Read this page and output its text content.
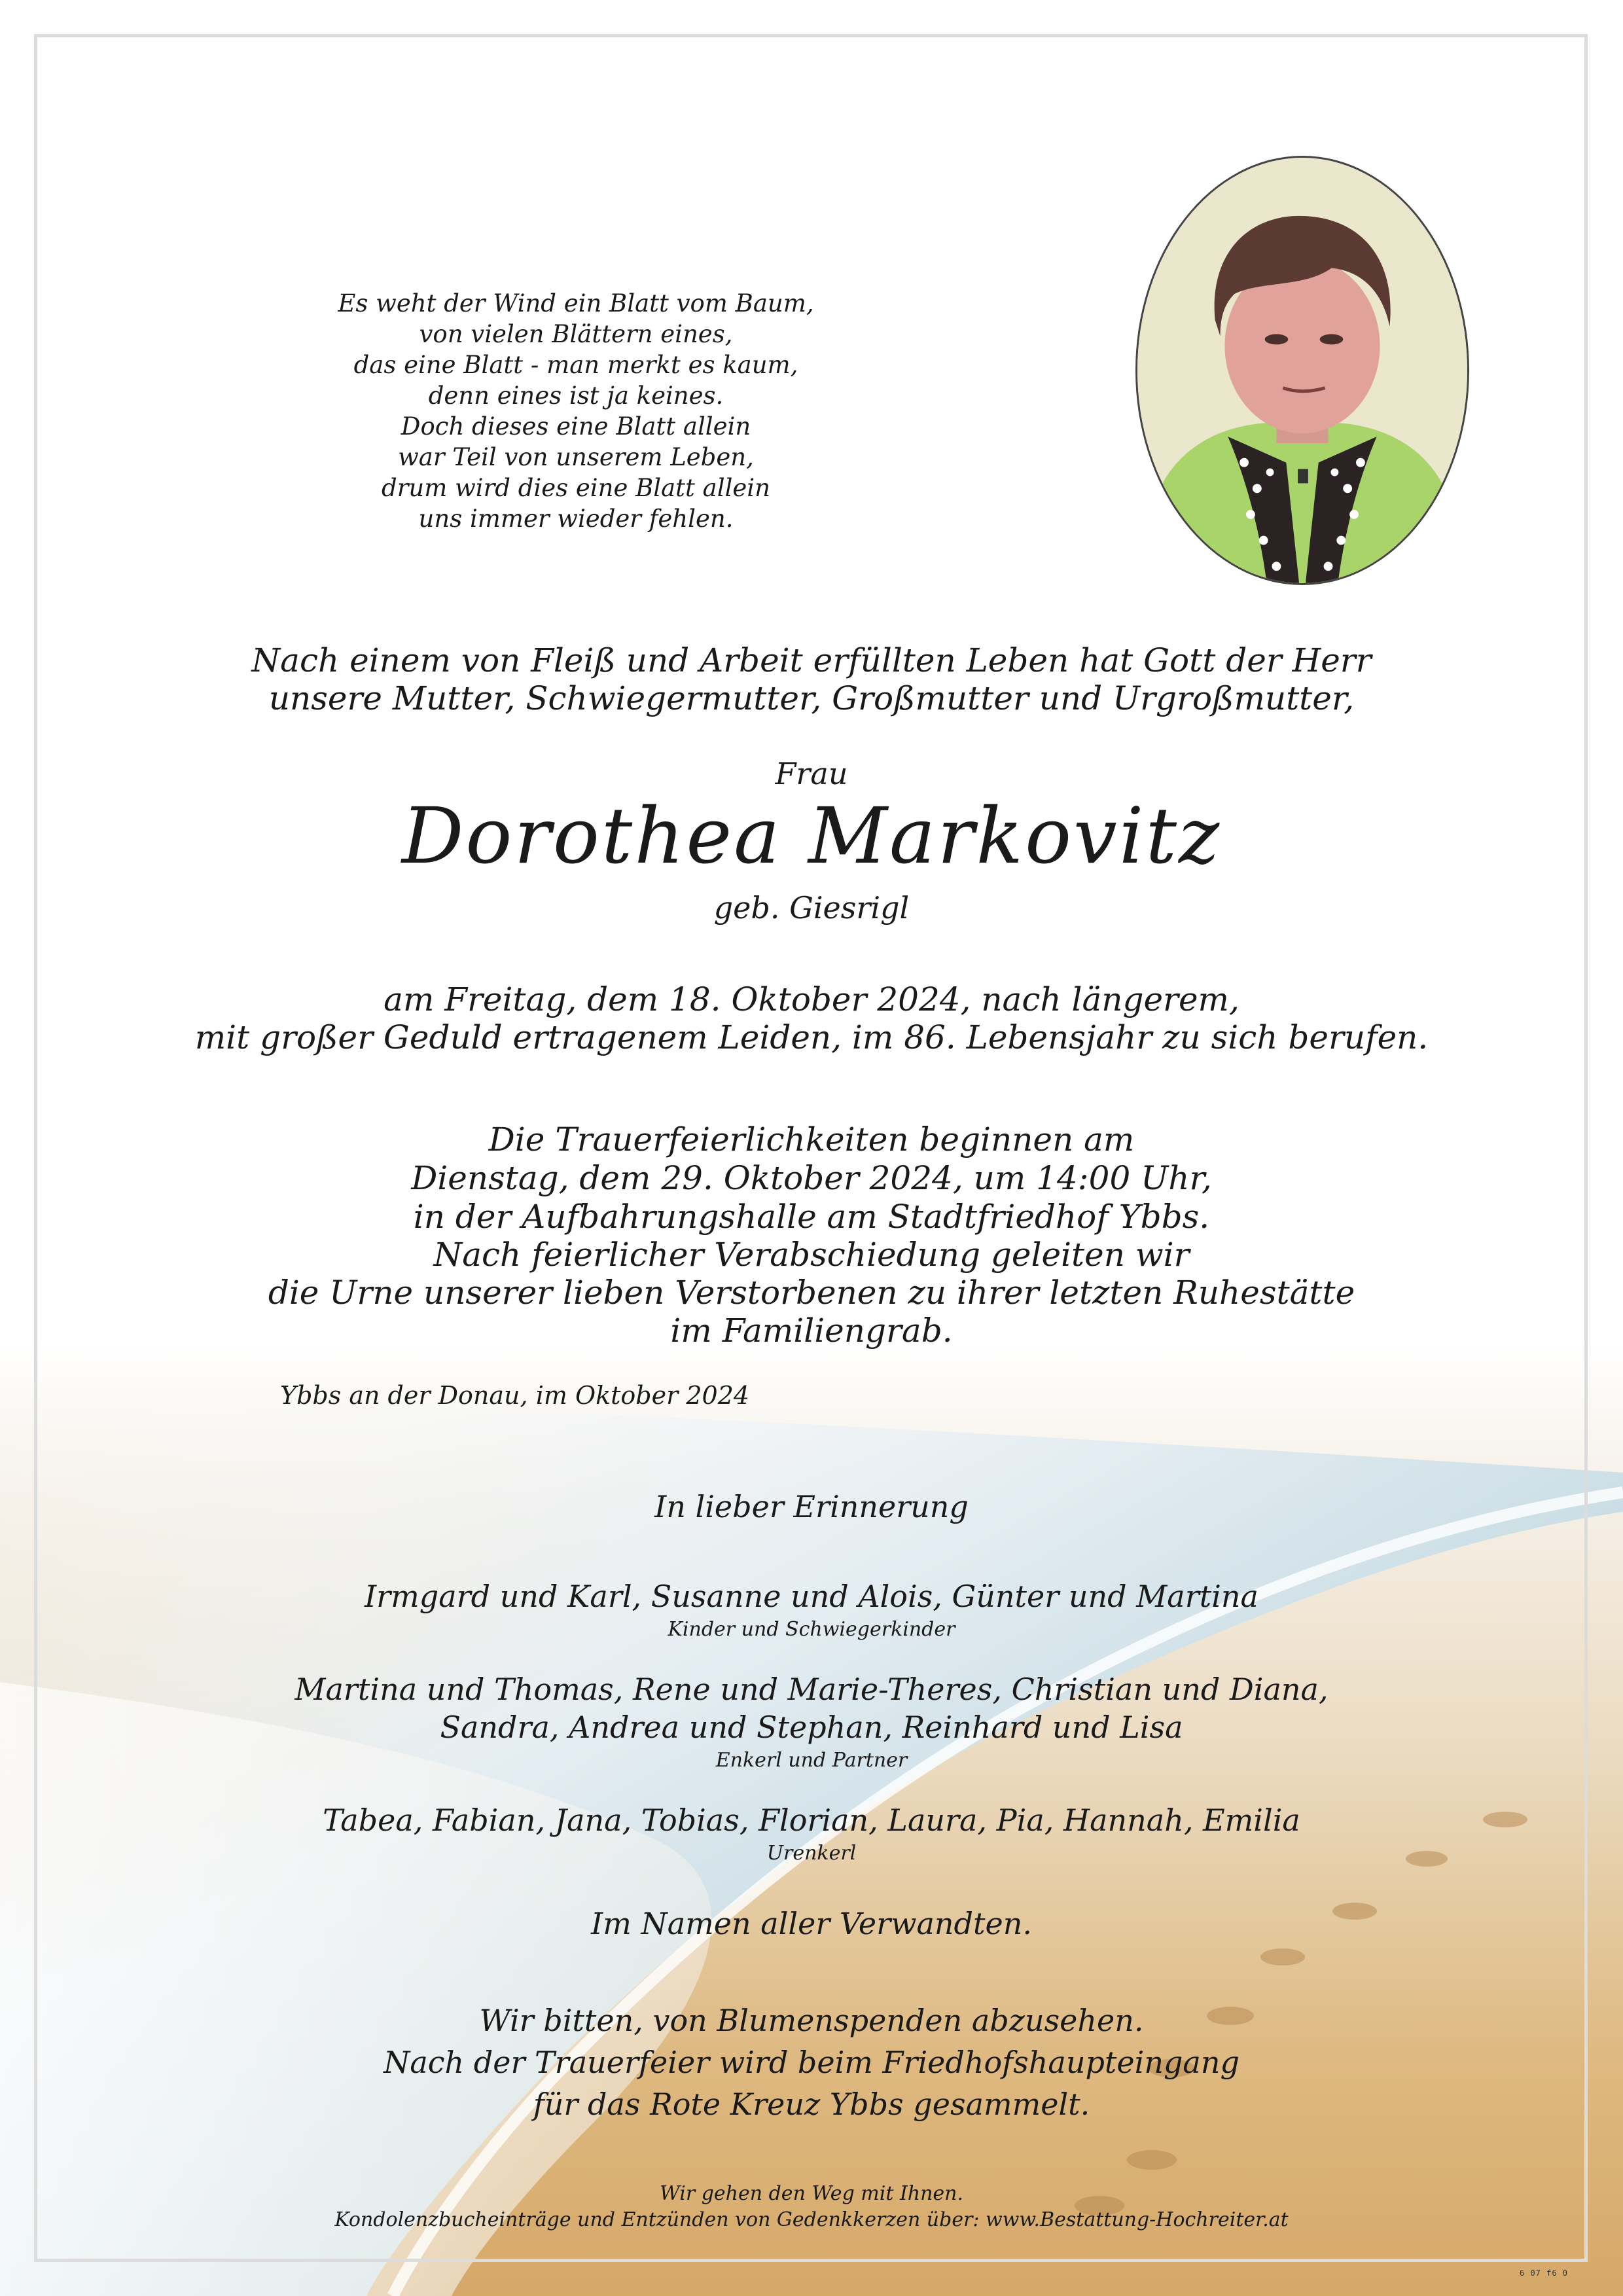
Es weht der Wind ein Blatt vom Baum,
von vielen Blättern eines,
das eine Blatt - man merkt es kaum,
denn eines ist ja keines.
Doch dieses eine Blatt allein
war Teil von unserem Leben,
drum wird dies eine Blatt allein
uns immer wieder fehlen.
Nach einem von Fleiß und Arbeit erfüllten Leben hat Gott der Herr
unsere Mutter, Schwiegermutter, Großmutter und Urgroßmutter,
Frau
Dorothea Markovitz
geb. Giesrigl
am Freitag, dem 18. Oktober 2024, nach längerem,
mit großer Geduld ertragenem Leiden, im 86. Lebensjahr zu sich berufen.
Die Trauerfeierlichkeiten beginnen am
Dienstag, dem 29. Oktober 2024, um 14:00 Uhr,
in der Aufbahrungshalle am Stadtfriedhof Ybbs.
Nach feierlicher Verabschiedung geleiten wir
die Urne unserer lieben Verstorbenen zu ihrer letzten Ruhestätte
im Familiengrab.
Ybbs an der Donau, im Oktober 2024
In lieber Erinnerung
Irmgard und Karl, Susanne und Alois, Günter und Martina
Kinder und Schwiegerkinder
Martina und Thomas, Rene und Marie-Theres, Christian und Diana,
Sandra, Andrea und Stephan, Reinhard und Lisa
Enkerl und Partner
Tabea, Fabian, Jana, Tobias, Florian, Laura, Pia, Hannah, Emilia
Urenkerl
Im Namen aller Verwandten.
Wir bitten, von Blumenspenden abzusehen.
Nach der Trauerfeier wird beim Friedhofshaupteingang
für das Rote Kreuz Ybbs gesammelt.
Wir gehen den Weg mit Ihnen.
Kondolenzbucheinträge und Entzünden von Gedenkkerzen über: www.Bestattung-Hochreiter.at
6 07 f6 0
